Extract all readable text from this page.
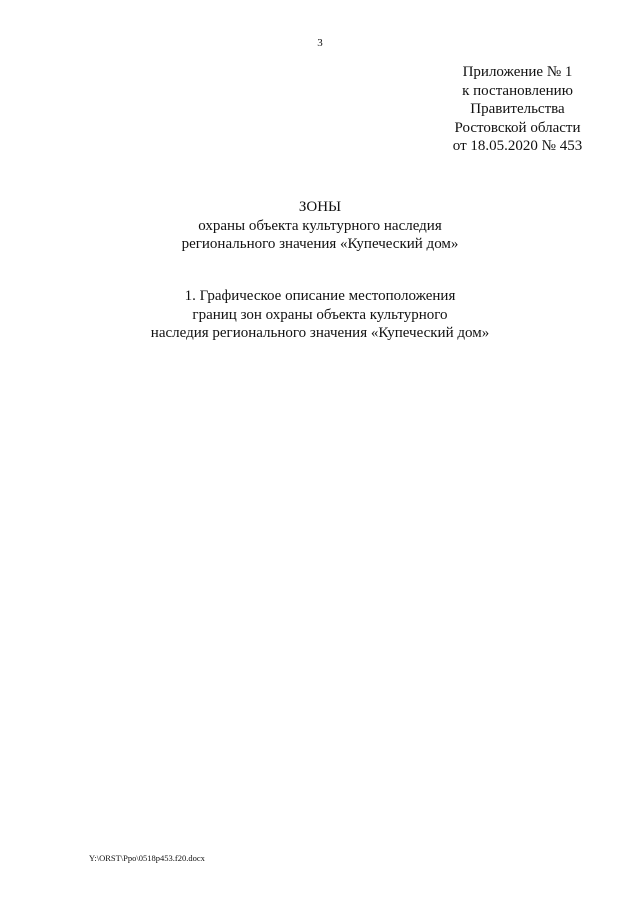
3
Приложение № 1
к постановлению
Правительства
Ростовской области
от 18.05.2020 № 453
ЗОНЫ
охраны объекта культурного наследия
регионального значения «Купеческий дом»
1. Графическое описание местоположения
границ зон охраны объекта культурного
наследия регионального значения «Купеческий дом»
Y:\ORST\Ppo\0518p453.f20.docx
